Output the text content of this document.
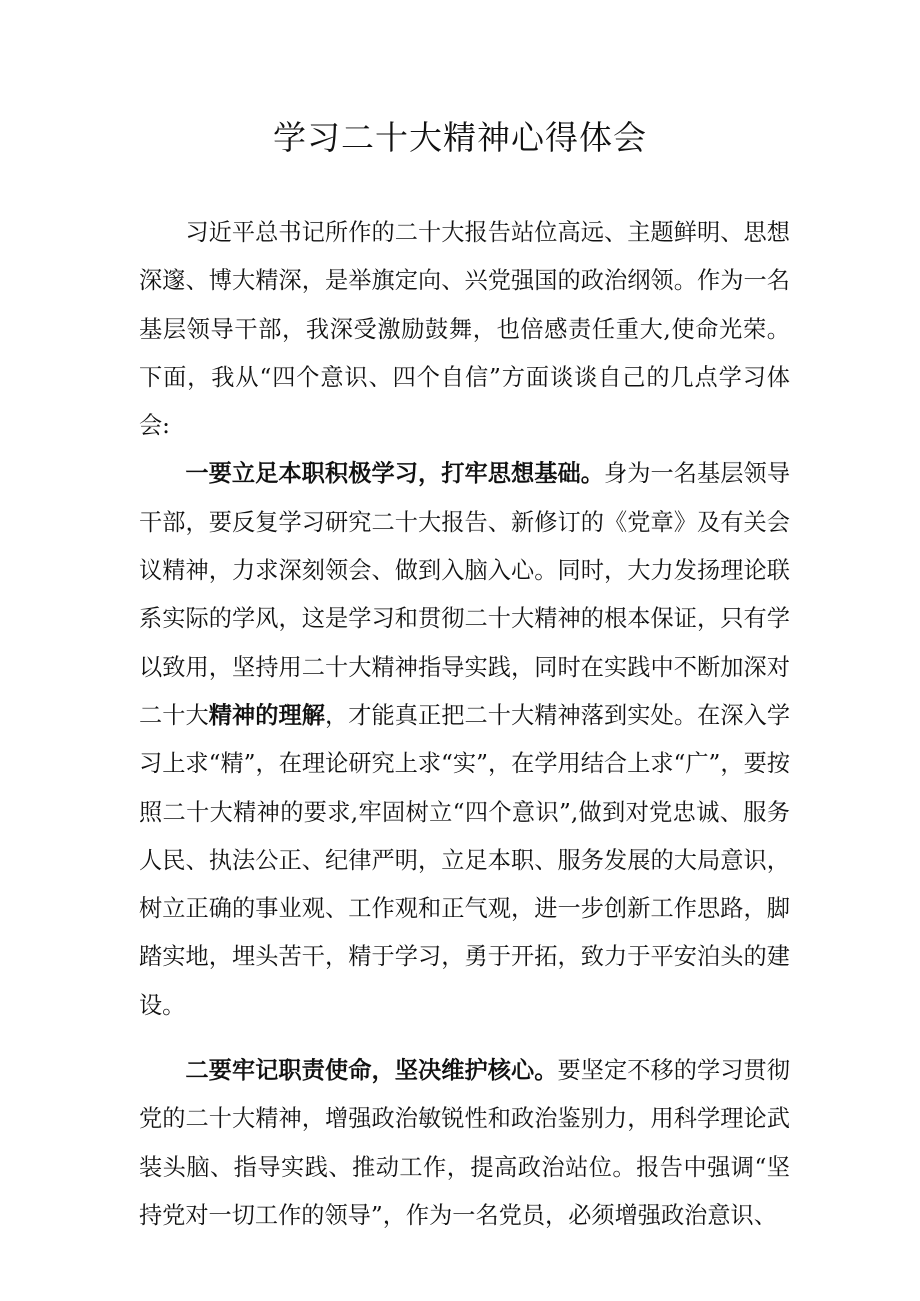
学习二十大精神心得体会

习近平总书记所作的二十大报告站位高远、主题鲜明、思想深邃、博大精深，是举旗定向、兴党强国的政治纲领。作为一名基层领导干部，我深受激励鼓舞，也倍感责任重大,使命光荣。下面，我从“四个意识、四个自信”方面谈谈自己的几点学习体会:

一要立足本职积极学习，打牢思想基础。身为一名基层领导干部，要反复学习研究二十大报告、新修订的《党章》及有关会议精神，力求深刻领会、做到入脑入心。同时，大力发扬理论联系实际的学风，这是学习和贯彻二十大精神的根本保证，只有学以致用，坚持用二十大精神指导实践，同时在实践中不断加深对二十大精神的理解，才能真正把二十大精神落到实处。在深入学习上求“精”，在理论研究上求“实”，在学用结合上求“广”，要按照二十大精神的要求,牢固树立“四个意识”,做到对党忠诚、服务人民、执法公正、纪律严明，立足本职、服务发展的大局意识，树立正确的事业观、工作观和正气观，进一步创新工作思路，脚踏实地，埋头苦干，精于学习，勇于开拓，致力于平安泊头的建设。

二要牢记职责使命，坚决维护核心。要坚定不移的学习贯彻党的二十大精神，增强政治敏锐性和政治鉴别力，用科学理论武装头脑、指导实践、推动工作，提高政治站位。报告中强调“坚持党对一切工作的领导”，作为一名党员，必须增强政治意识、
